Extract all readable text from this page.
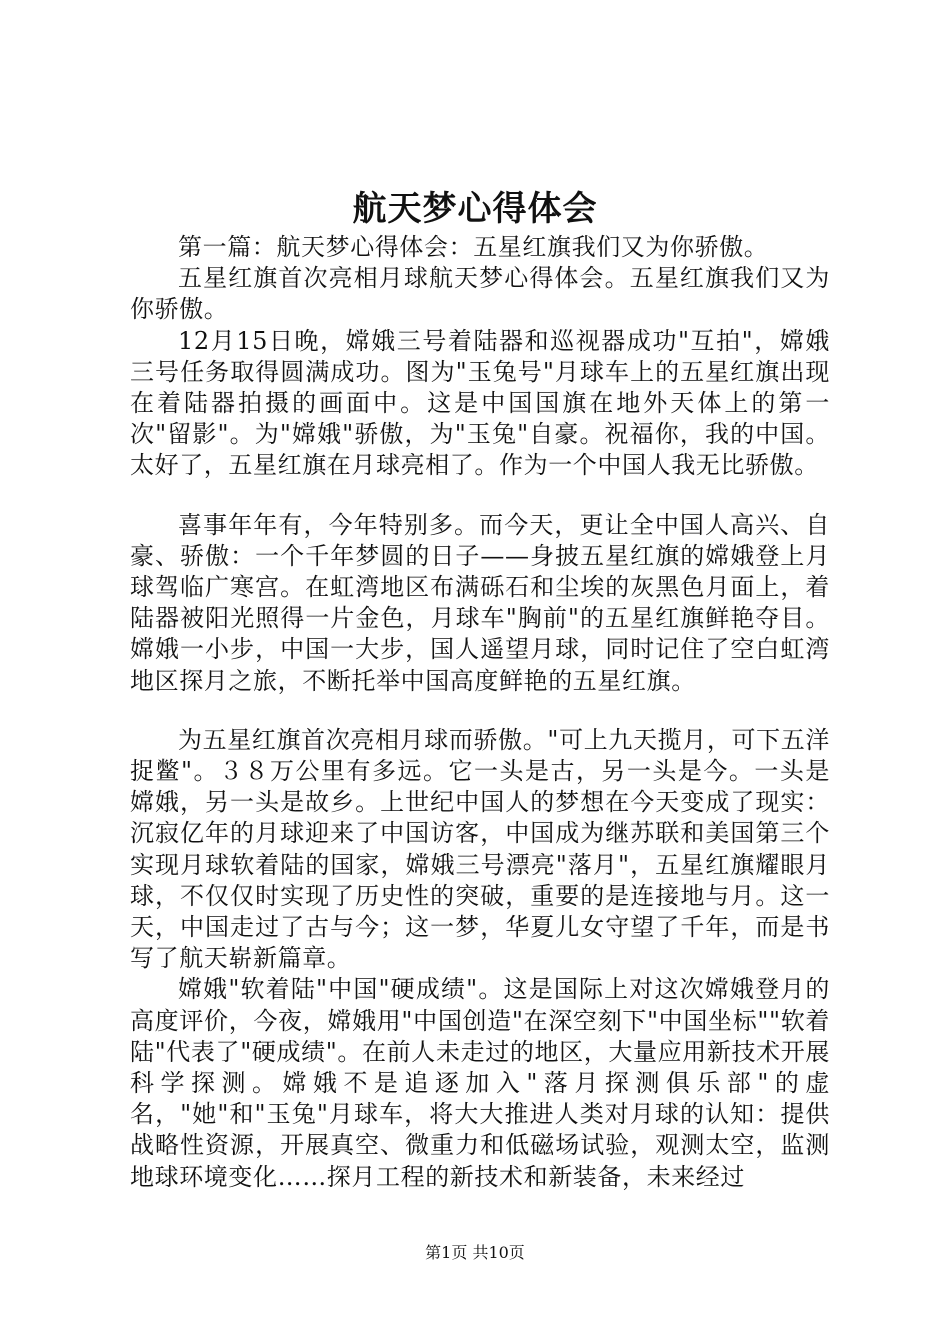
航天梦心得体会

第一篇：航天梦心得体会：五星红旗我们又为你骄傲。

五星红旗首次亮相月球航天梦心得体会。五星红旗我们又为你骄傲。

12月15日晚，嫦娥三号着陆器和巡视器成功"互拍"，嫦娥三号任务取得圆满成功。图为"玉兔号"月球车上的五星红旗出现在着陆器拍摄的画面中。这是中国国旗在地外天体上的第一次"留影"。为"嫦娥"骄傲，为"玉兔"自豪。祝福你，我的中国。太好了，五星红旗在月球亮相了。作为一个中国人我无比骄傲。

喜事年年有，今年特别多。而今天，更让全中国人高兴、自豪、骄傲：一个千年梦圆的日子——身披五星红旗的嫦娥登上月球驾临广寒宫。在虹湾地区布满砾石和尘埃的灰黑色月面上，着陆器被阳光照得一片金色，月球车"胸前"的五星红旗鲜艳夺目。嫦娥一小步，中国一大步，国人遥望月球，同时记住了空白虹湾地区探月之旅，不断托举中国高度鲜艳的五星红旗。

为五星红旗首次亮相月球而骄傲。"可上九天揽月，可下五洋捉鳖"。３８万公里有多远。它一头是古，另一头是今。一头是嫦娥，另一头是故乡。上世纪中国人的梦想在今天变成了现实：沉寂亿年的月球迎来了中国访客，中国成为继苏联和美国第三个实现月球软着陆的国家，嫦娥三号漂亮"落月"，五星红旗耀眼月球，不仅仅时实现了历史性的突破，重要的是连接地与月。这一天，中国走过了古与今；这一梦，华夏儿女守望了千年，而是书写了航天崭新篇章。

嫦娥"软着陆"中国"硬成绩"。这是国际上对这次嫦娥登月的高度评价，今夜，嫦娥用"中国创造"在深空刻下"中国坐标""软着陆"代表了"硬成绩"。在前人未走过的地区，大量应用新技术开展科学探测。嫦娥不是追逐加入"落月探测俱乐部"的虚名，"她"和"玉兔"月球车，将大大推进人类对月球的认知：提供战略性资源，开展真空、微重力和低磁场试验，观测太空，监测地球环境变化……探月工程的新技术和新装备，未来经过

第1页 共10页
